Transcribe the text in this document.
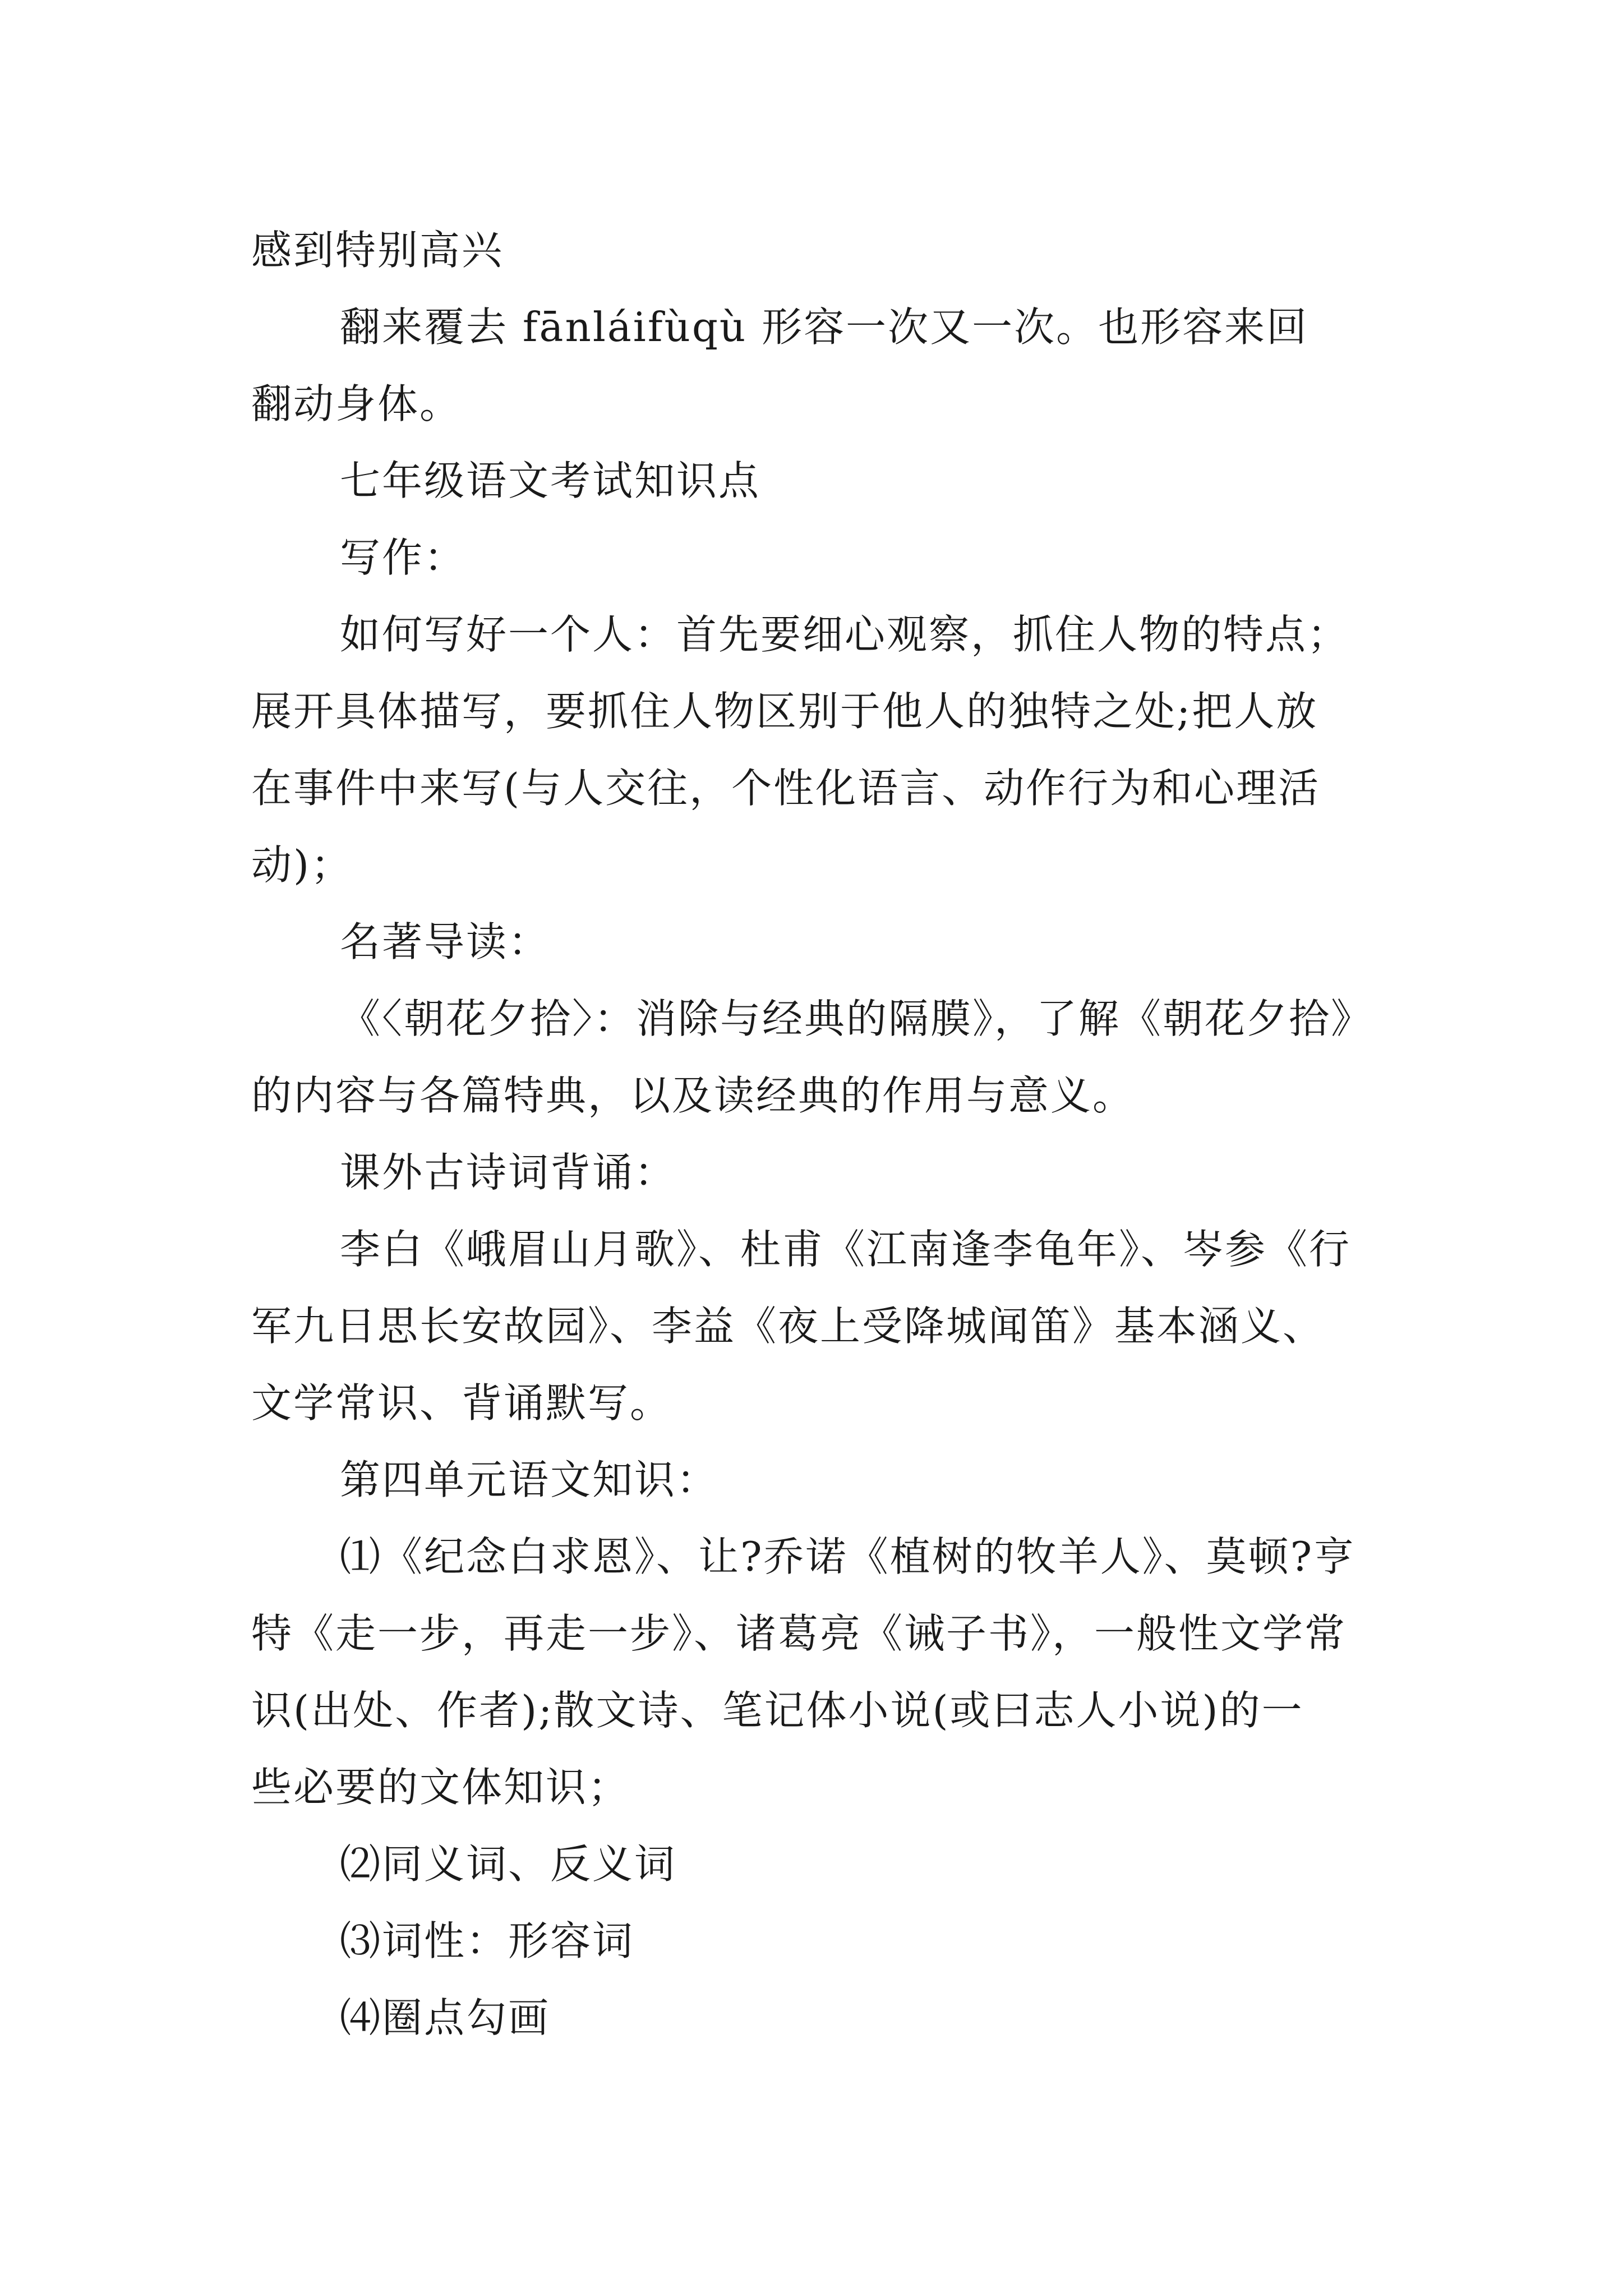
感到特别高兴
翻来覆去 fānláifùqù 形容一次又一次。也形容来回
翻动身体。
七年级语文考试知识点
写作：
如何写好一个人：首先要细心观察，抓住人物的特点；
展开具体描写，要抓住人物区别于他人的独特之处;把人放
在事件中来写(与人交往，个性化语言、动作行为和心理活
动)；
名著导读：
《〈朝花夕拾〉：消除与经典的隔膜》，了解《朝花夕拾》
的内容与各篇特典，以及读经典的作用与意义。
课外古诗词背诵：
李白《峨眉山月歌》、杜甫《江南逢李龟年》、岑参《行
军九日思长安故园》、李益《夜上受降城闻笛》基本涵义、
文学常识、背诵默写。
第四单元语文知识：
⑴《纪念白求恩》、让?乔诺《植树的牧羊人》、莫顿?亨
特《走一步，再走一步》、诸葛亮《诫子书》，一般性文学常
识(出处、作者);散文诗、笔记体小说(或曰志人小说)的一
些必要的文体知识；
⑵同义词、反义词
⑶词性：形容词
⑷圈点勾画
